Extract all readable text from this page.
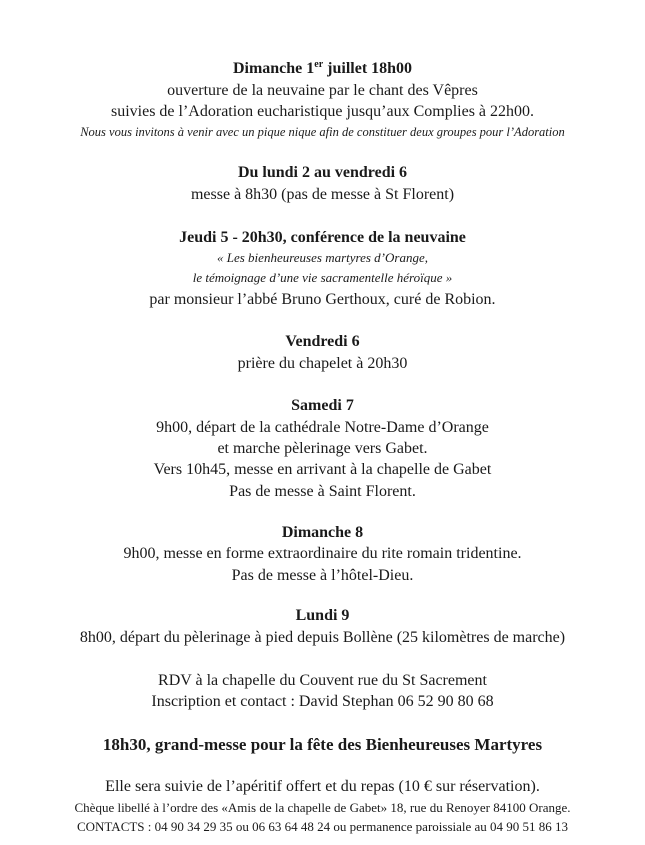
Dimanche 1er juillet 18h00
ouverture de la neuvaine par le chant des Vêpres
suivies de l’Adoration eucharistique jusqu’aux Complies à 22h00.
Nous vous invitons à venir avec un pique nique afin de constituer deux groupes pour l’Adoration
Du lundi 2 au vendredi 6
messe à 8h30 (pas de messe à St Florent)
Jeudi 5 - 20h30, conférence de la neuvaine
« Les bienheureuses martyres d’Orange,
le témoignage d’une vie sacramentelle héroïque »
par monsieur l’abbé Bruno Gerthoux, curé de Robion.
Vendredi 6
prière du chapelet à 20h30
Samedi 7
9h00, départ de la cathédrale Notre-Dame d’Orange
et marche pèlerinage vers Gabet.
Vers 10h45, messe en arrivant à la chapelle de Gabet
Pas de messe à Saint Florent.
Dimanche 8
9h00, messe en forme extraordinaire du rite romain tridentine.
Pas de messe à l’hôtel-Dieu.
Lundi 9
8h00, départ du pèlerinage à pied depuis Bollène (25 kilomètres de marche)
RDV à la chapelle du Couvent rue du St Sacrement
Inscription et contact : David Stephan 06 52 90 80 68
18h30, grand-messe pour la fête des Bienheureuses Martyres
Elle sera suivie de l’apéritif offert et du repas (10 € sur réservation).
Chèque libellé à l’ordre des «Amis de la chapelle de Gabet» 18, rue du Renoyer 84100 Orange.
CONTACTS : 04 90 34 29 35 ou 06 63 64 48 24 ou permanence paroissiale au 04 90 51 86 13
